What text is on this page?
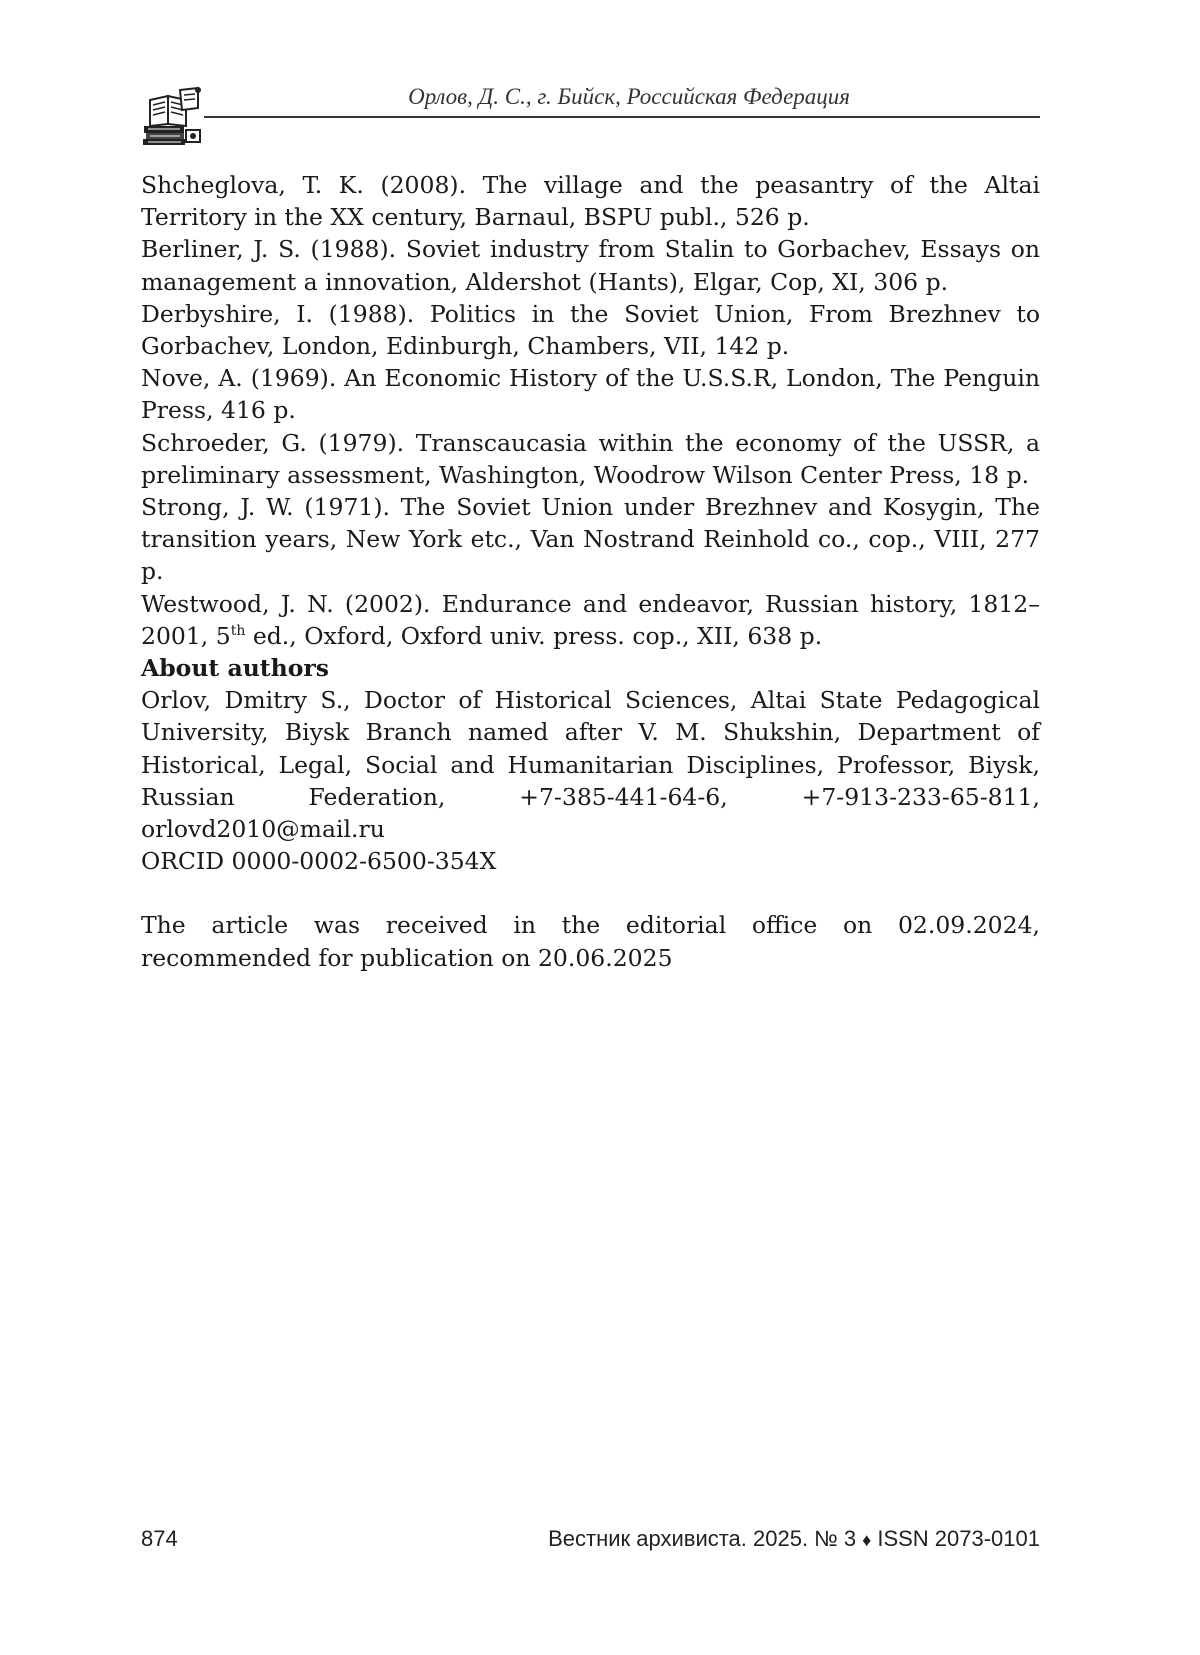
Орлов, Д. С., г. Бийск, Российская Федерация

Shcheglova, T. K. (2008). The village and the peasantry of the Altai Territory in the XX century, Barnaul, BSPU publ., 526 p.

Berliner, J. S. (1988). Soviet industry from Stalin to Gorbachev, Essays on management a innovation, Aldershot (Hants), Elgar, Cop, XI, 306 p.

Derbyshire, I. (1988). Politics in the Soviet Union, From Brezhnev to Gorbachev, London, Edinburgh, Chambers, VII, 142 p.

Nove, A. (1969). An Economic History of the U.S.S.R, London, The Penguin Press, 416 p.

Schroeder, G. (1979). Transcaucasia within the economy of the USSR, a preliminary assessment, Washington, Woodrow Wilson Center Press, 18 p.

Strong, J. W. (1971). The Soviet Union under Brezhnev and Kosygin, The transition years, New York etc., Van Nostrand Reinhold co., cop., VIII, 277 p.

Westwood, J. N. (2002). Endurance and endeavor, Russian history, 1812–2001, 5th ed., Oxford, Oxford univ. press. cop., XII, 638 p.

About authors

Orlov, Dmitry S., Doctor of Historical Sciences, Altai State Pedagogical University, Biysk Branch named after V. M. Shukshin, Department of Historical, Legal, Social and Humanitarian Disciplines, Professor, Biysk, Russian Federation, +7-385-441-64-6, +7-913-233-65-811, orlovd2010@mail.ru

ORCID 0000-0002-6500-354X

The article was received in the editorial office on 02.09.2024, recommended for publication on 20.06.2025

874	Вестник архивиста. 2025. № 3 ♦ ISSN 2073-0101
